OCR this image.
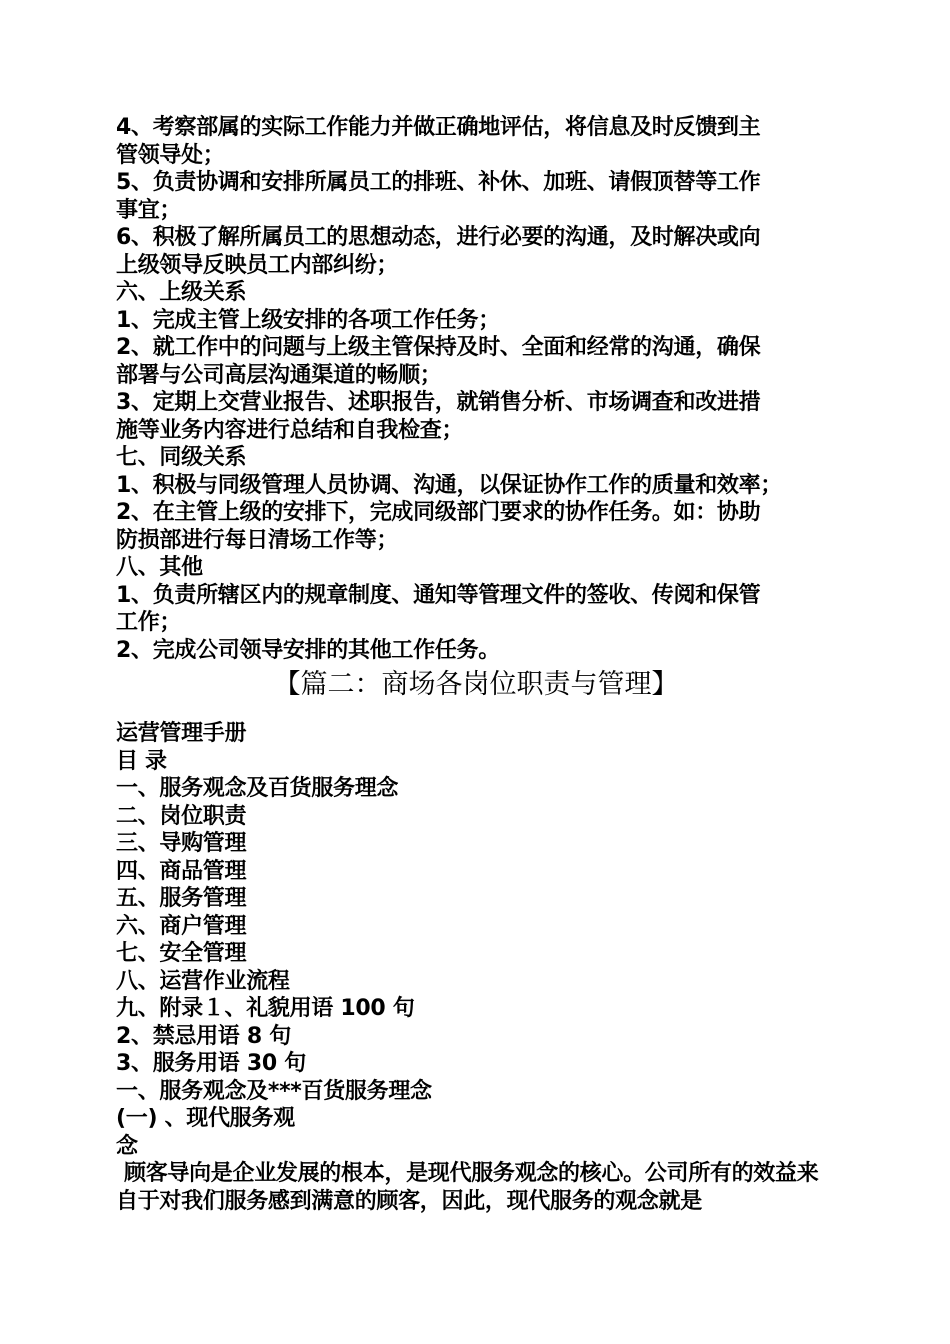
4、考察部属的实际工作能力并做正确地评估，将信息及时反馈到主
管领导处；
5、负责协调和安排所属员工的排班、补休、加班、请假顶替等工作
事宜；
6、积极了解所属员工的思想动态，进行必要的沟通，及时解决或向
上级领导反映员工内部纠纷；
六、上级关系
1、完成主管上级安排的各项工作任务；
2、就工作中的问题与上级主管保持及时、全面和经常的沟通，确保
部署与公司高层沟通渠道的畅顺；
3、定期上交营业报告、述职报告，就销售分析、市场调查和改进措
施等业务内容进行总结和自我检查；
七、同级关系
1、积极与同级管理人员协调、沟通，以保证协作工作的质量和效率；
2、在主管上级的安排下，完成同级部门要求的协作任务。如：协助
防损部进行每日清场工作等；
八、其他
1、负责所辖区内的规章制度、通知等管理文件的签收、传阅和保管
工作；
2、完成公司领导安排的其他工作任务。
【篇二：商场各岗位职责与管理】
运营管理手册
目 录
一、服务观念及百货服务理念
二、岗位职责
三、导购管理
四、商品管理
五、服务管理
六、商户管理
七、安全管理
八、运营作业流程
九、附录１、礼貌用语 100 句
2、禁忌用语 8 句
3、服务用语 30 句
一、服务观念及***百货服务理念
(一) 、现代服务观
念
顾客导向是企业发展的根本，是现代服务观念的核心。公司所有的效益来自于对我们服务感到满意的顾客，因此，现代服务的观念就是
